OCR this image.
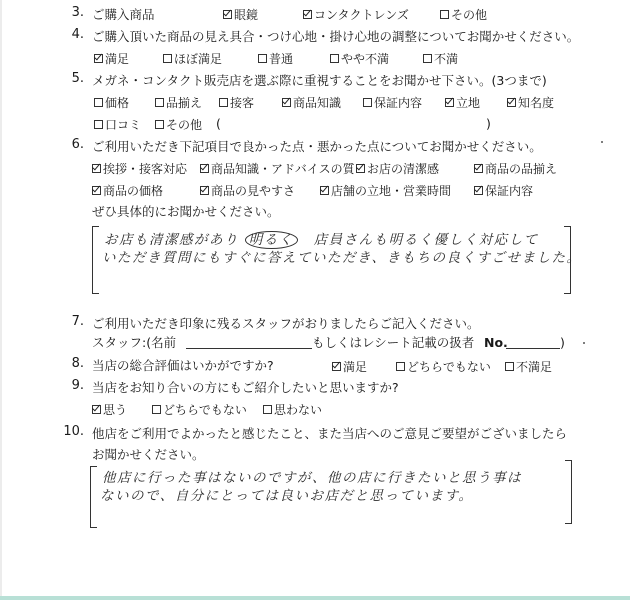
3. ご購入商品	眼鏡	コンタクトレンズ	その他
4. ご購入頂いた商品の見え具合・つけ心地・掛け心地の調整についてお聞かせください。
満足	ほぼ満足	普通	やや不満	不満
5. メガネ・コンタクト販売店を選ぶ際に重視することをお聞かせ下さい。(3つまで)
価格	品揃え 接客	商品知識	保証内容	立地	知名度
口コミ その他 (	)
6. ご利用いただき下記項目で良かった点・悪かった点についてお聞かせください。
挨拶・接客対応 商品知識・アドバイスの質 お店の清潔感	商品の品揃え
商品の価格	商品の見やすさ	店舗の立地・営業時間	保証内容
ぜひ具体的にお聞かせください。
お店も清潔感があり 明るく 店員さんも明るく優しく対応して
いただき質問にもすぐに答えていただき、きもちの良くすごせました。
7. ご利用いただき印象に残るスタッフがおりましたらご記入ください。
スタッフ:(名前	もしくはレシート記載の扱者 No.	)
8. 当店の総合評価はいかがですか?	満足	どちらでもない 不満足
9. 当店をお知り合いの方にもご紹介したいと思いますか?
思う	どちらでもない 思わない
10. 他店をご利用でよかったと感じたこと、また当店へのご意見ご要望がございましたら
お聞かせください。
他店に行った事はないのですが、他の店に行きたいと思う事は
ないので、自分にとっては良いお店だと思っています。
